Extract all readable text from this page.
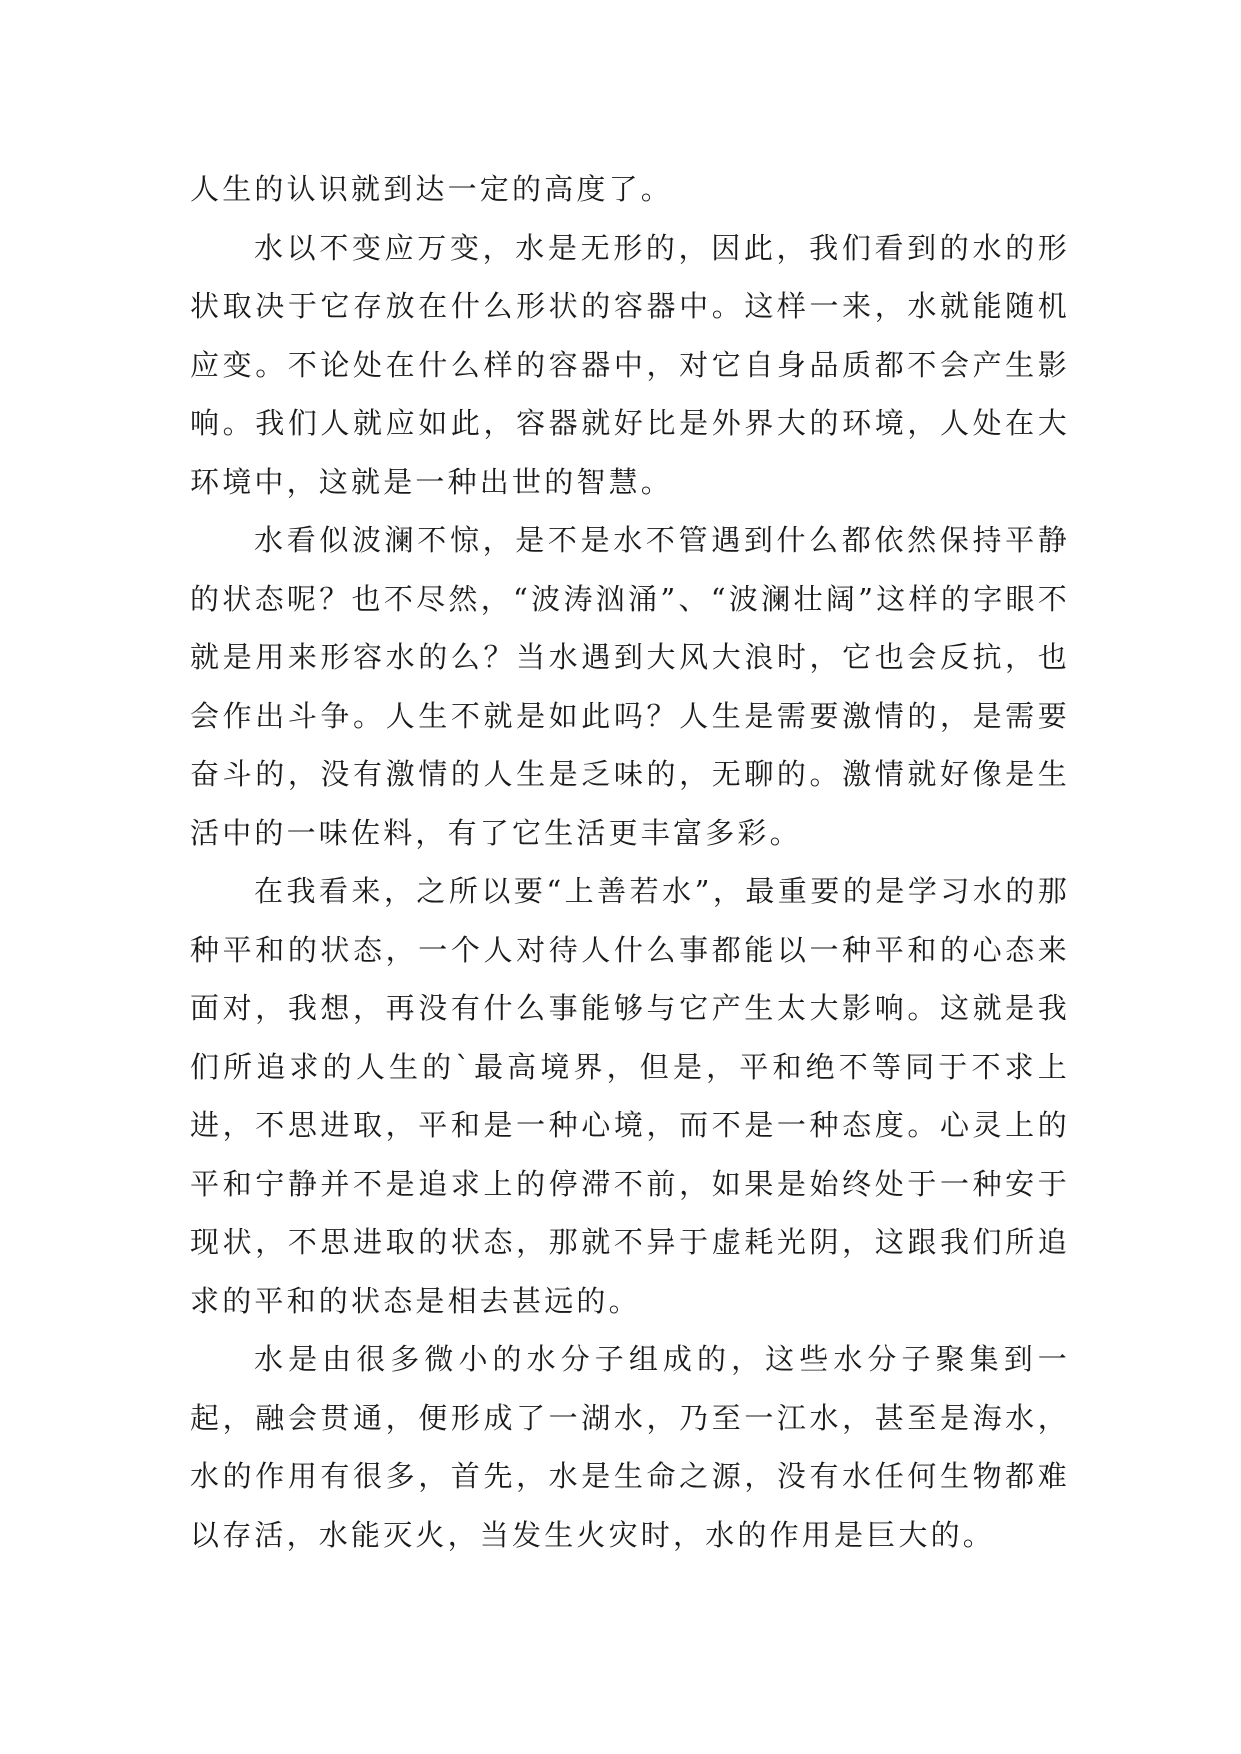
人生的认识就到达一定的高度了。

水以不变应万变，水是无形的，因此，我们看到的水的形状取决于它存放在什么形状的容器中。这样一来，水就能随机应变。不论处在什么样的容器中，对它自身品质都不会产生影响。我们人就应如此，容器就好比是外界大的环境，人处在大环境中，这就是一种出世的智慧。

水看似波澜不惊，是不是水不管遇到什么都依然保持平静的状态呢？也不尽然，“波涛汹涌”、“波澜壮阔”这样的字眼不就是用来形容水的么？当水遇到大风大浪时，它也会反抗，也会作出斗争。人生不就是如此吗？人生是需要激情的，是需要奋斗的，没有激情的人生是乏味的，无聊的。激情就好像是生活中的一味佐料，有了它生活更丰富多彩。

在我看来，之所以要“上善若水”，最重要的是学习水的那种平和的状态，一个人对待人什么事都能以一种平和的心态来面对，我想，再没有什么事能够与它产生太大影响。这就是我们所追求的人生的`最高境界，但是，平和绝不等同于不求上进，不思进取，平和是一种心境，而不是一种态度。心灵上的平和宁静并不是追求上的停滞不前，如果是始终处于一种安于现状，不思进取的状态，那就不异于虚耗光阴，这跟我们所追求的平和的状态是相去甚远的。

水是由很多微小的水分子组成的，这些水分子聚集到一起，融会贯通，便形成了一湖水，乃至一江水，甚至是海水，水的作用有很多，首先，水是生命之源，没有水任何生物都难以存活，水能灭火，当发生火灾时，水的作用是巨大的。
